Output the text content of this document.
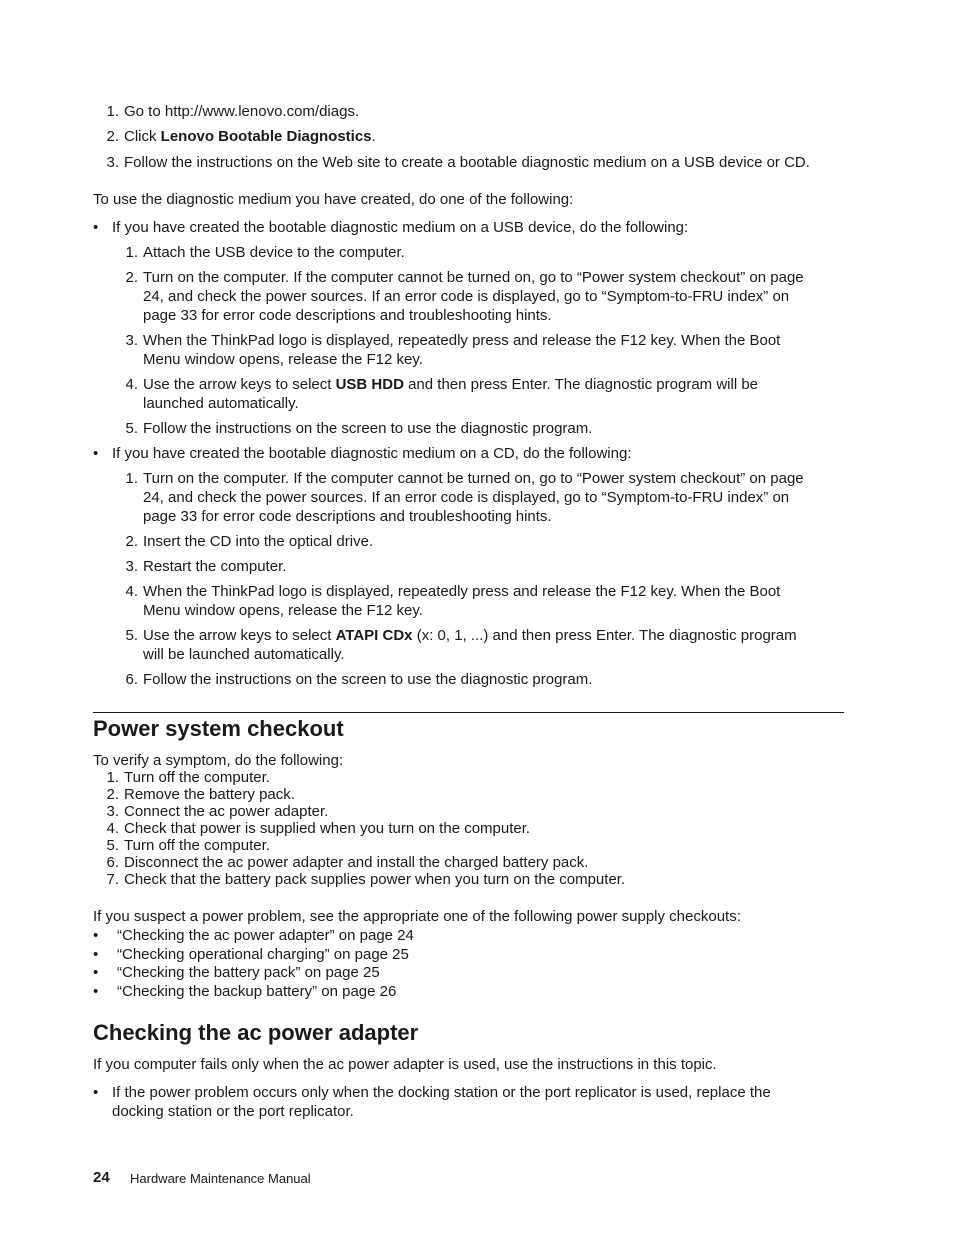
1. Go to http://www.lenovo.com/diags.
2. Click Lenovo Bootable Diagnostics.
3. Follow the instructions on the Web site to create a bootable diagnostic medium on a USB device or CD.

To use the diagnostic medium you have created, do one of the following:

• If you have created the bootable diagnostic medium on a USB device, do the following:
1. Attach the USB device to the computer.
2. Turn on the computer. If the computer cannot be turned on, go to “Power system checkout” on page
24, and check the power sources. If an error code is displayed, go to “Symptom-to-FRU index” on
page 33 for error code descriptions and troubleshooting hints.
3. When the ThinkPad logo is displayed, repeatedly press and release the F12 key. When the Boot
Menu window opens, release the F12 key.
4. Use the arrow keys to select USB HDD and then press Enter. The diagnostic program will be
launched automatically.
5. Follow the instructions on the screen to use the diagnostic program.
• If you have created the bootable diagnostic medium on a CD, do the following:
1. Turn on the computer. If the computer cannot be turned on, go to “Power system checkout” on page
24, and check the power sources. If an error code is displayed, go to “Symptom-to-FRU index” on
page 33 for error code descriptions and troubleshooting hints.
2. Insert the CD into the optical drive.
3. Restart the computer.
4. When the ThinkPad logo is displayed, repeatedly press and release the F12 key. When the Boot
Menu window opens, release the F12 key.
5. Use the arrow keys to select ATAPI CDx (x: 0, 1, ...) and then press Enter. The diagnostic program
will be launched automatically.
6. Follow the instructions on the screen to use the diagnostic program.
Power system checkout
To verify a symptom, do the following:
1. Turn off the computer.
2. Remove the battery pack.
3. Connect the ac power adapter.
4. Check that power is supplied when you turn on the computer.
5. Turn off the computer.
6. Disconnect the ac power adapter and install the charged battery pack.
7. Check that the battery pack supplies power when you turn on the computer.
If you suspect a power problem, see the appropriate one of the following power supply checkouts:
• “Checking the ac power adapter” on page 24
• “Checking operational charging” on page 25
• “Checking the battery pack” on page 25
• “Checking the backup battery” on page 26
Checking the ac power adapter
If you computer fails only when the ac power adapter is used, use the instructions in this topic.
• If the power problem occurs only when the docking station or the port replicator is used, replace the
docking station or the port replicator.
24 Hardware Maintenance Manual
